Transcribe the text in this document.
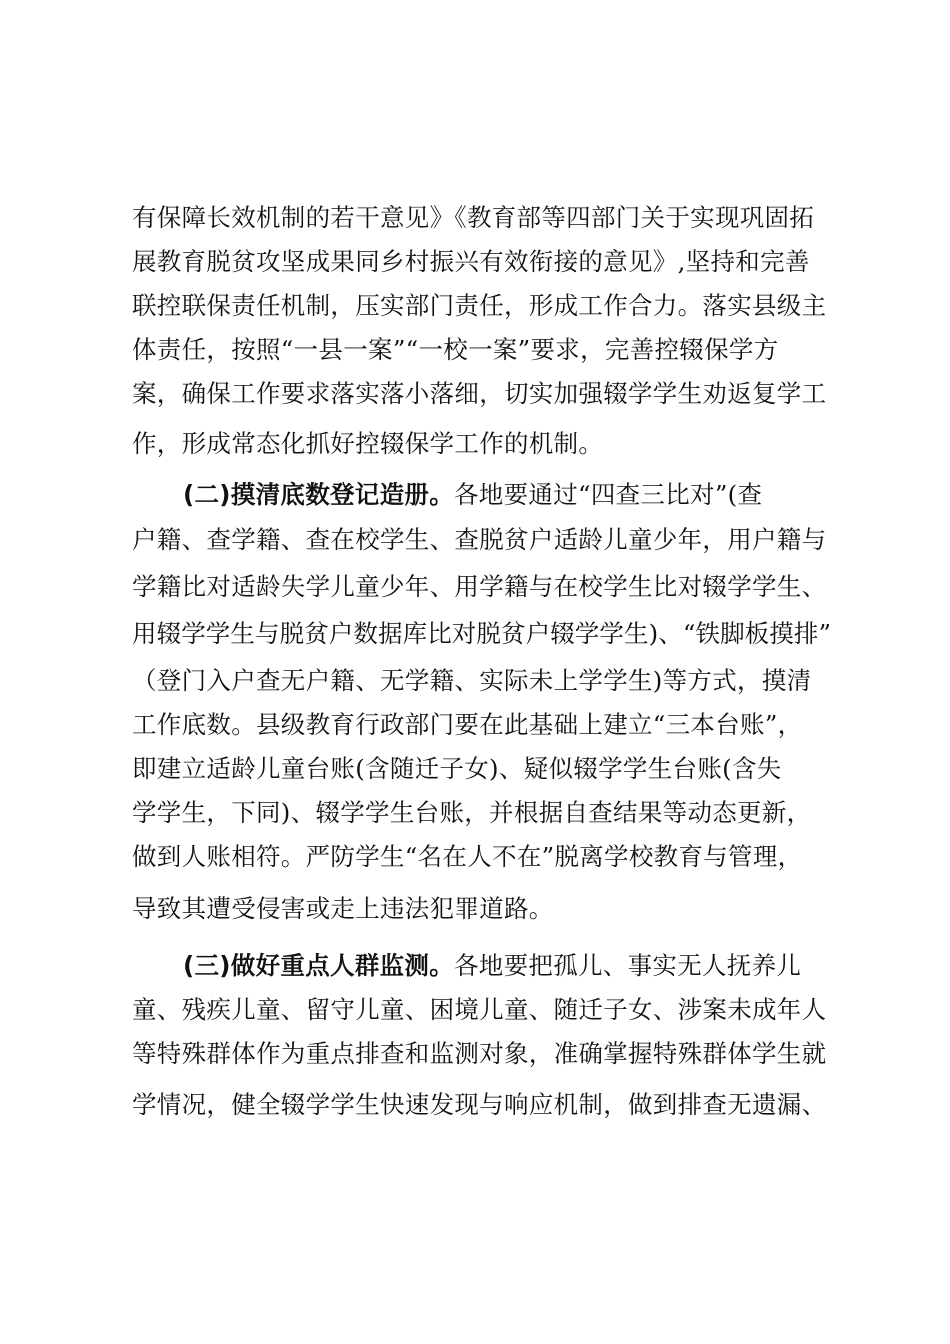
有保障长效机制的若干意见》《教育部等四部门关于实现巩固拓
展教育脱贫攻坚成果同乡村振兴有效衔接的意见》,坚持和完善
联控联保责任机制，压实部门责任，形成工作合力。落实县级主
体责任，按照“一县一案”“一校一案”要求，完善控辍保学方
案，确保工作要求落实落小落细，切实加强辍学学生劝返复学工
作，形成常态化抓好控辍保学工作的机制。
(二)摸清底数登记造册。各地要通过“四查三比对”(查
户籍、查学籍、查在校学生、查脱贫户适龄儿童少年，用户籍与
学籍比对适龄失学儿童少年、用学籍与在校学生比对辍学学生、
用辍学学生与脱贫户数据库比对脱贫户辍学学生)、“铁脚板摸排”
（登门入户查无户籍、无学籍、实际未上学学生)等方式，摸清
工作底数。县级教育行政部门要在此基础上建立“三本台账”，
即建立适龄儿童台账(含随迁子女)、疑似辍学学生台账(含失
学学生，下同)、辍学学生台账，并根据自查结果等动态更新，
做到人账相符。严防学生“名在人不在”脱离学校教育与管理，
导致其遭受侵害或走上违法犯罪道路。
(三)做好重点人群监测。各地要把孤儿、事实无人抚养儿
童、残疾儿童、留守儿童、困境儿童、随迁子女、涉案未成年人
等特殊群体作为重点排查和监测对象，准确掌握特殊群体学生就
学情况，健全辍学学生快速发现与响应机制，做到排查无遗漏、
